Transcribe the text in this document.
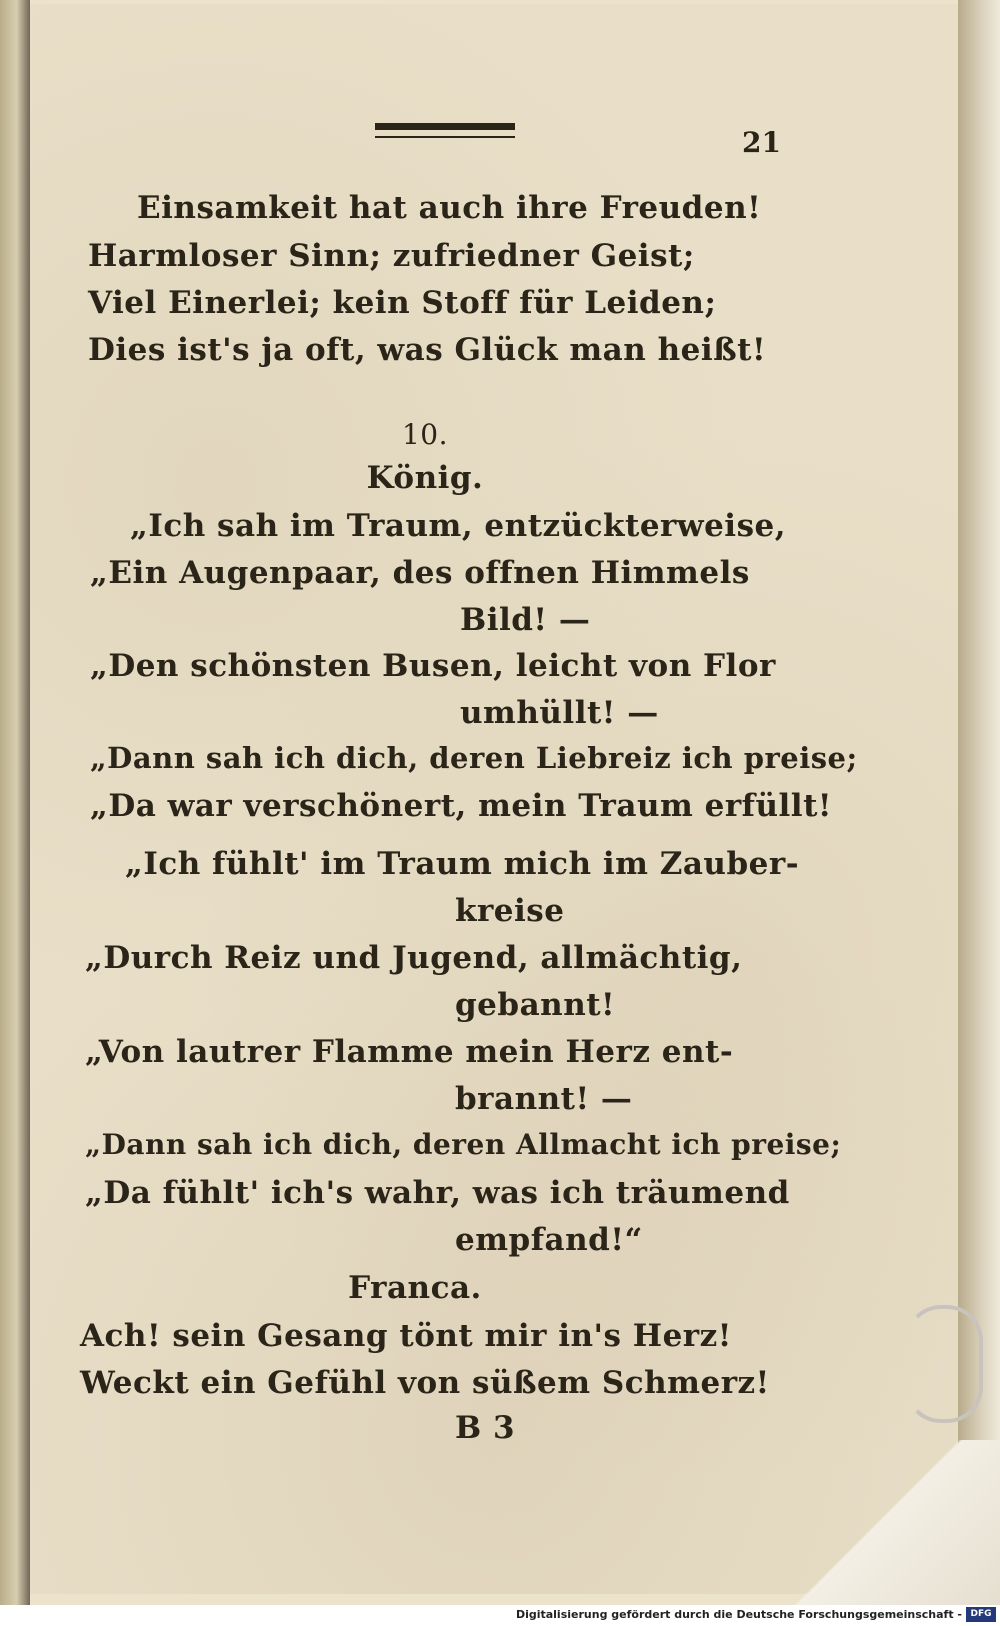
21
Einsamkeit hat auch ihre Freuden!
Harmloser Sinn; zufriedner Geist;
Viel Einerlei; kein Stoff für Leiden;
Dies ist's ja oft, was Glück man heißt!
10.
König.
„Ich sah im Traum, entzückterweise,
„Ein Augenpaar, des offnen Himmels
Bild! —
„Den schönsten Busen, leicht von Flor
umhüllt! —
„Dann sah ich dich, deren Liebreiz ich preise;
„Da war verschönert, mein Traum erfüllt!
„Ich fühlt' im Traum mich im Zauber-
kreise
„Durch Reiz und Jugend, allmächtig,
gebannt!
„Von lautrer Flamme mein Herz ent-
brannt! —
„Dann sah ich dich, deren Allmacht ich preise;
„Da fühlt' ich's wahr, was ich träumend
empfand!“
Franca.
Ach! sein Gesang tönt mir in's Herz!
Weckt ein Gefühl von süßem Schmerz!
B 3
Digitalisierung gefördert durch die Deutsche Forschungsgemeinschaft - DFG
